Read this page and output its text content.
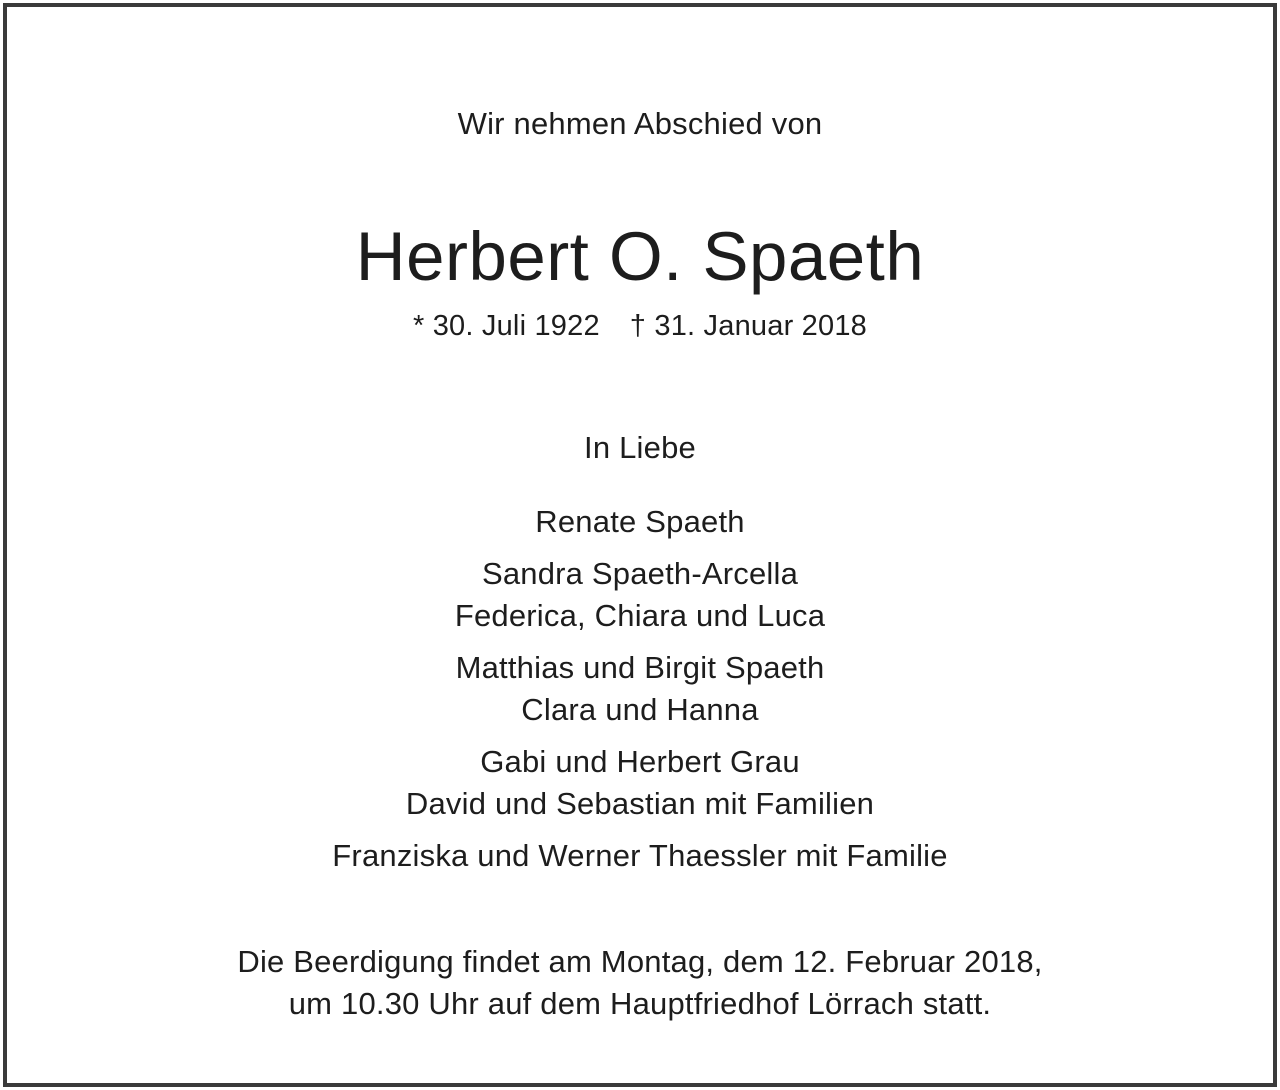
Wir nehmen Abschied von
Herbert O. Spaeth
* 30. Juli 1922 † 31. Januar 2018
In Liebe
Renate Spaeth
Sandra Spaeth-Arcella
Federica, Chiara und Luca
Matthias und Birgit Spaeth
Clara und Hanna
Gabi und Herbert Grau
David und Sebastian mit Familien
Franziska und Werner Thaessler mit Familie
Die Beerdigung findet am Montag, dem 12. Februar 2018,
um 10.30 Uhr auf dem Hauptfriedhof Lörrach statt.
